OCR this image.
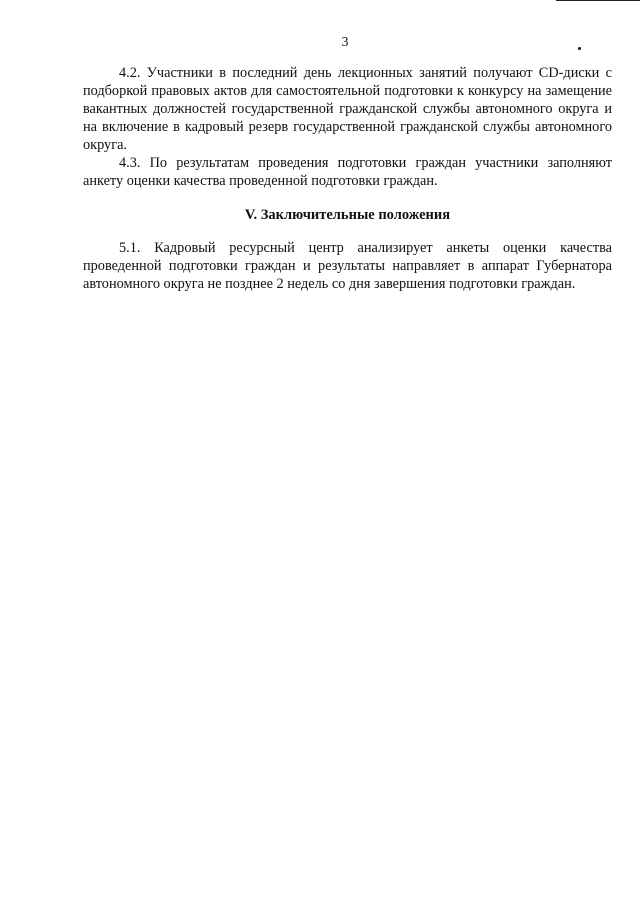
3

4.2. Участники в последний день лекционных занятий получают CD-диски с подборкой правовых актов для самостоятельной подготовки к конкурсу на замещение вакантных должностей государственной гражданской службы автономного округа и на включение в кадровый резерв государственной гражданской службы автономного округа.

4.3. По результатам проведения подготовки граждан участники заполняют анкету оценки качества проведенной подготовки граждан.

V. Заключительные положения

5.1. Кадровый ресурсный центр анализирует анкеты оценки качества проведенной подготовки граждан и результаты направляет в аппарат Губернатора автономного округа не позднее 2 недель со дня завершения подготовки граждан.
